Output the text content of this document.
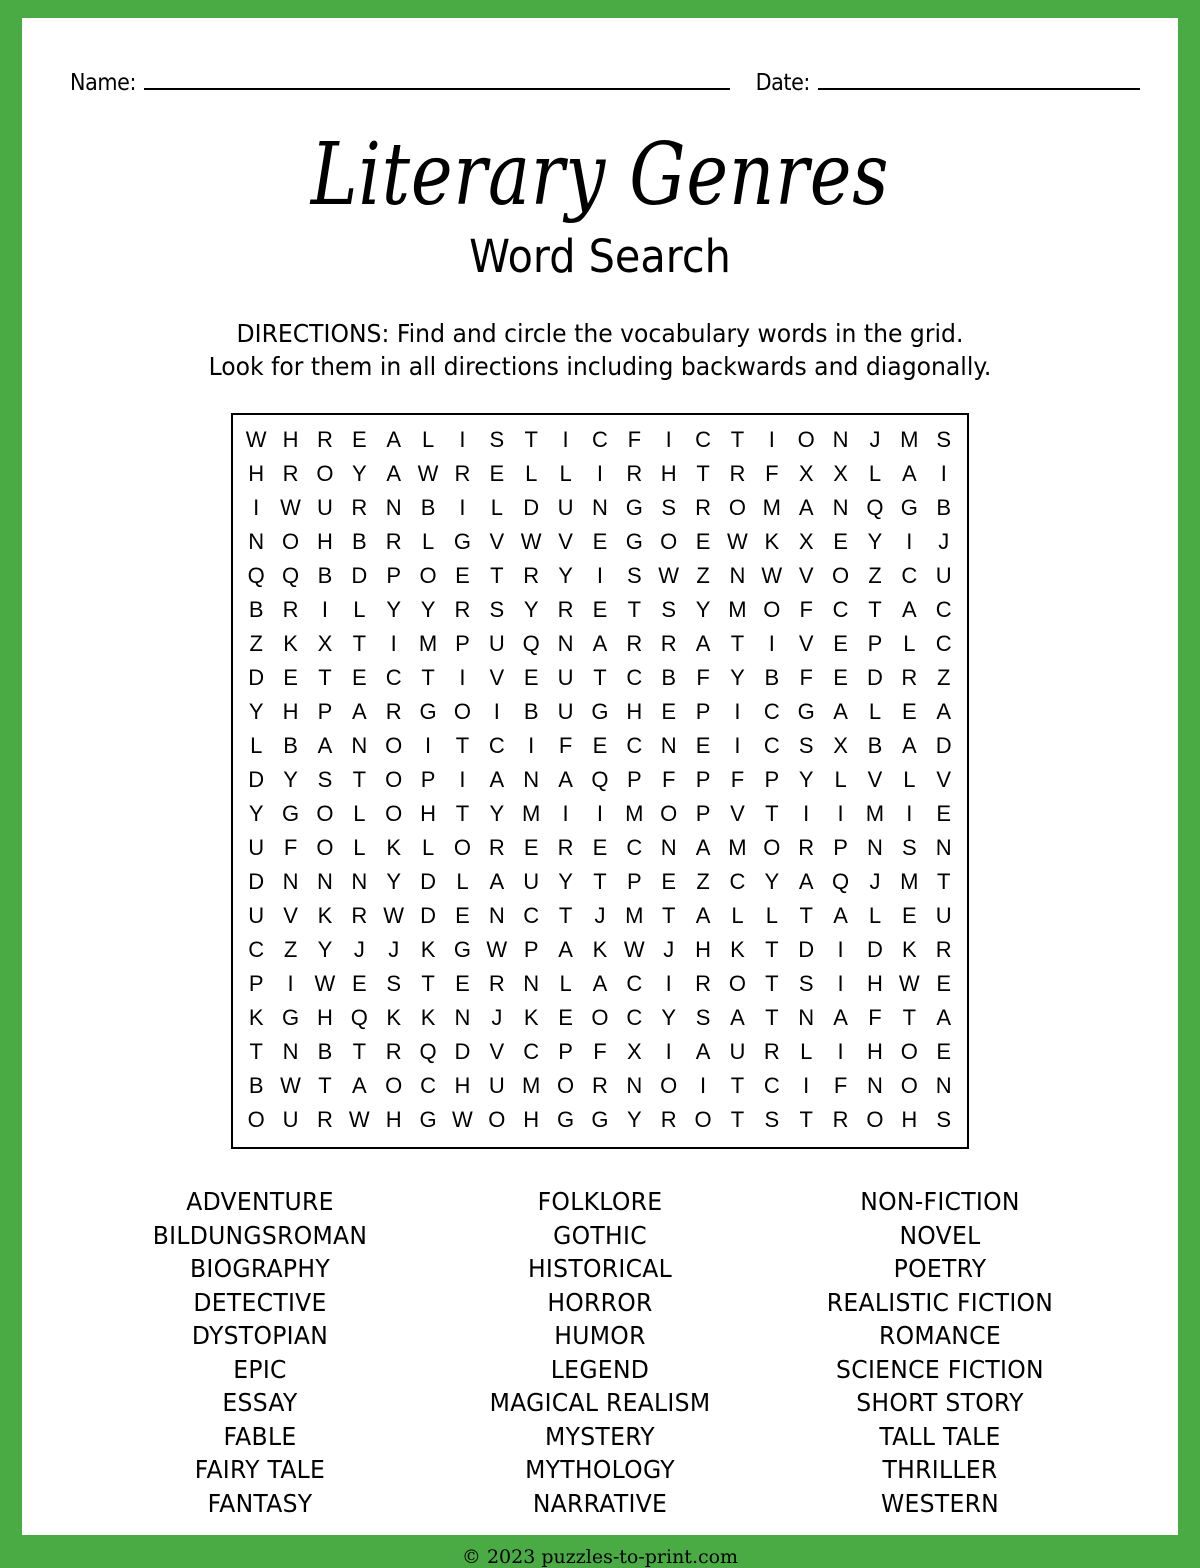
Name:	Date:
Literary Genres
Word Search
DIRECTIONS: Find and circle the vocabulary words in the grid.
Look for them in all directions including backwards and diagonally.
W	H	R	E	A	L	I	S	T	I	C	F	I	C	T	I	O	N	J	M	S
H	R	O	Y	A	W	R	E	L	L	I	R	H	T	R	F	X	X	L	A	I
I	W	U	R	N	B	I	L	D	U	N	G	S	R	O	M	A	N	Q	G	B
N	O	H	B	R	L	G	V	W	V	E	G	O	E	W	K	X	E	Y	I	J
Q	Q	B	D	P	O	E	T	R	Y	I	S	W	Z	N	W	V	O	Z	C	U
B	R	I	L	Y	Y	R	S	Y	R	E	T	S	Y	M	O	F	C	T	A	C
Z	K	X	T	I	M	P	U	Q	N	A	R	R	A	T	I	V	E	P	L	C
D	E	T	E	C	T	I	V	E	U	T	C	B	F	Y	B	F	E	D	R	Z
Y	H	P	A	R	G	O	I	B	U	G	H	E	P	I	C	G	A	L	E	A
L	B	A	N	O	I	T	C	I	F	E	C	N	E	I	C	S	X	B	A	D
D	Y	S	T	O	P	I	A	N	A	Q	P	F	P	F	P	Y	L	V	L	V
Y	G	O	L	O	H	T	Y	M	I	I	M	O	P	V	T	I	I	M	I	E
U	F	O	L	K	L	O	R	E	R	E	C	N	A	M	O	R	P	N	S	N
D	N	N	N	Y	D	L	A	U	Y	T	P	E	Z	C	Y	A	Q	J	M	T
U	V	K	R	W	D	E	N	C	T	J	M	T	A	L	L	T	A	L	E	U
C	Z	Y	J	J	K	G	W	P	A	K	W	J	H	K	T	D	I	D	K	R
P	I	W	E	S	T	E	R	N	L	A	C	I	R	O	T	S	I	H	W	E
K	G	H	Q	K	K	N	J	K	E	O	C	Y	S	A	T	N	A	F	T	A
T	N	B	T	R	Q	D	V	C	P	F	X	I	A	U	R	L	I	H	O	E
B	W	T	A	O	C	H	U	M	O	R	N	O	I	T	C	I	F	N	O	N
O	U	R	W	H	G	W	O	H	G	G	Y	R	O	T	S	T	R	O	H	S
ADVENTURE
BILDUNGSROMAN
BIOGRAPHY
DETECTIVE
DYSTOPIAN
EPIC
ESSAY
FABLE
FAIRY TALE
FANTASY
FOLKLORE
GOTHIC
HISTORICAL
HORROR
HUMOR
LEGEND
MAGICAL REALISM
MYSTERY
MYTHOLOGY
NARRATIVE
NON-FICTION
NOVEL
POETRY
REALISTIC FICTION
ROMANCE
SCIENCE FICTION
SHORT STORY
TALL TALE
THRILLER
WESTERN
© 2023 puzzles-to-print.com
